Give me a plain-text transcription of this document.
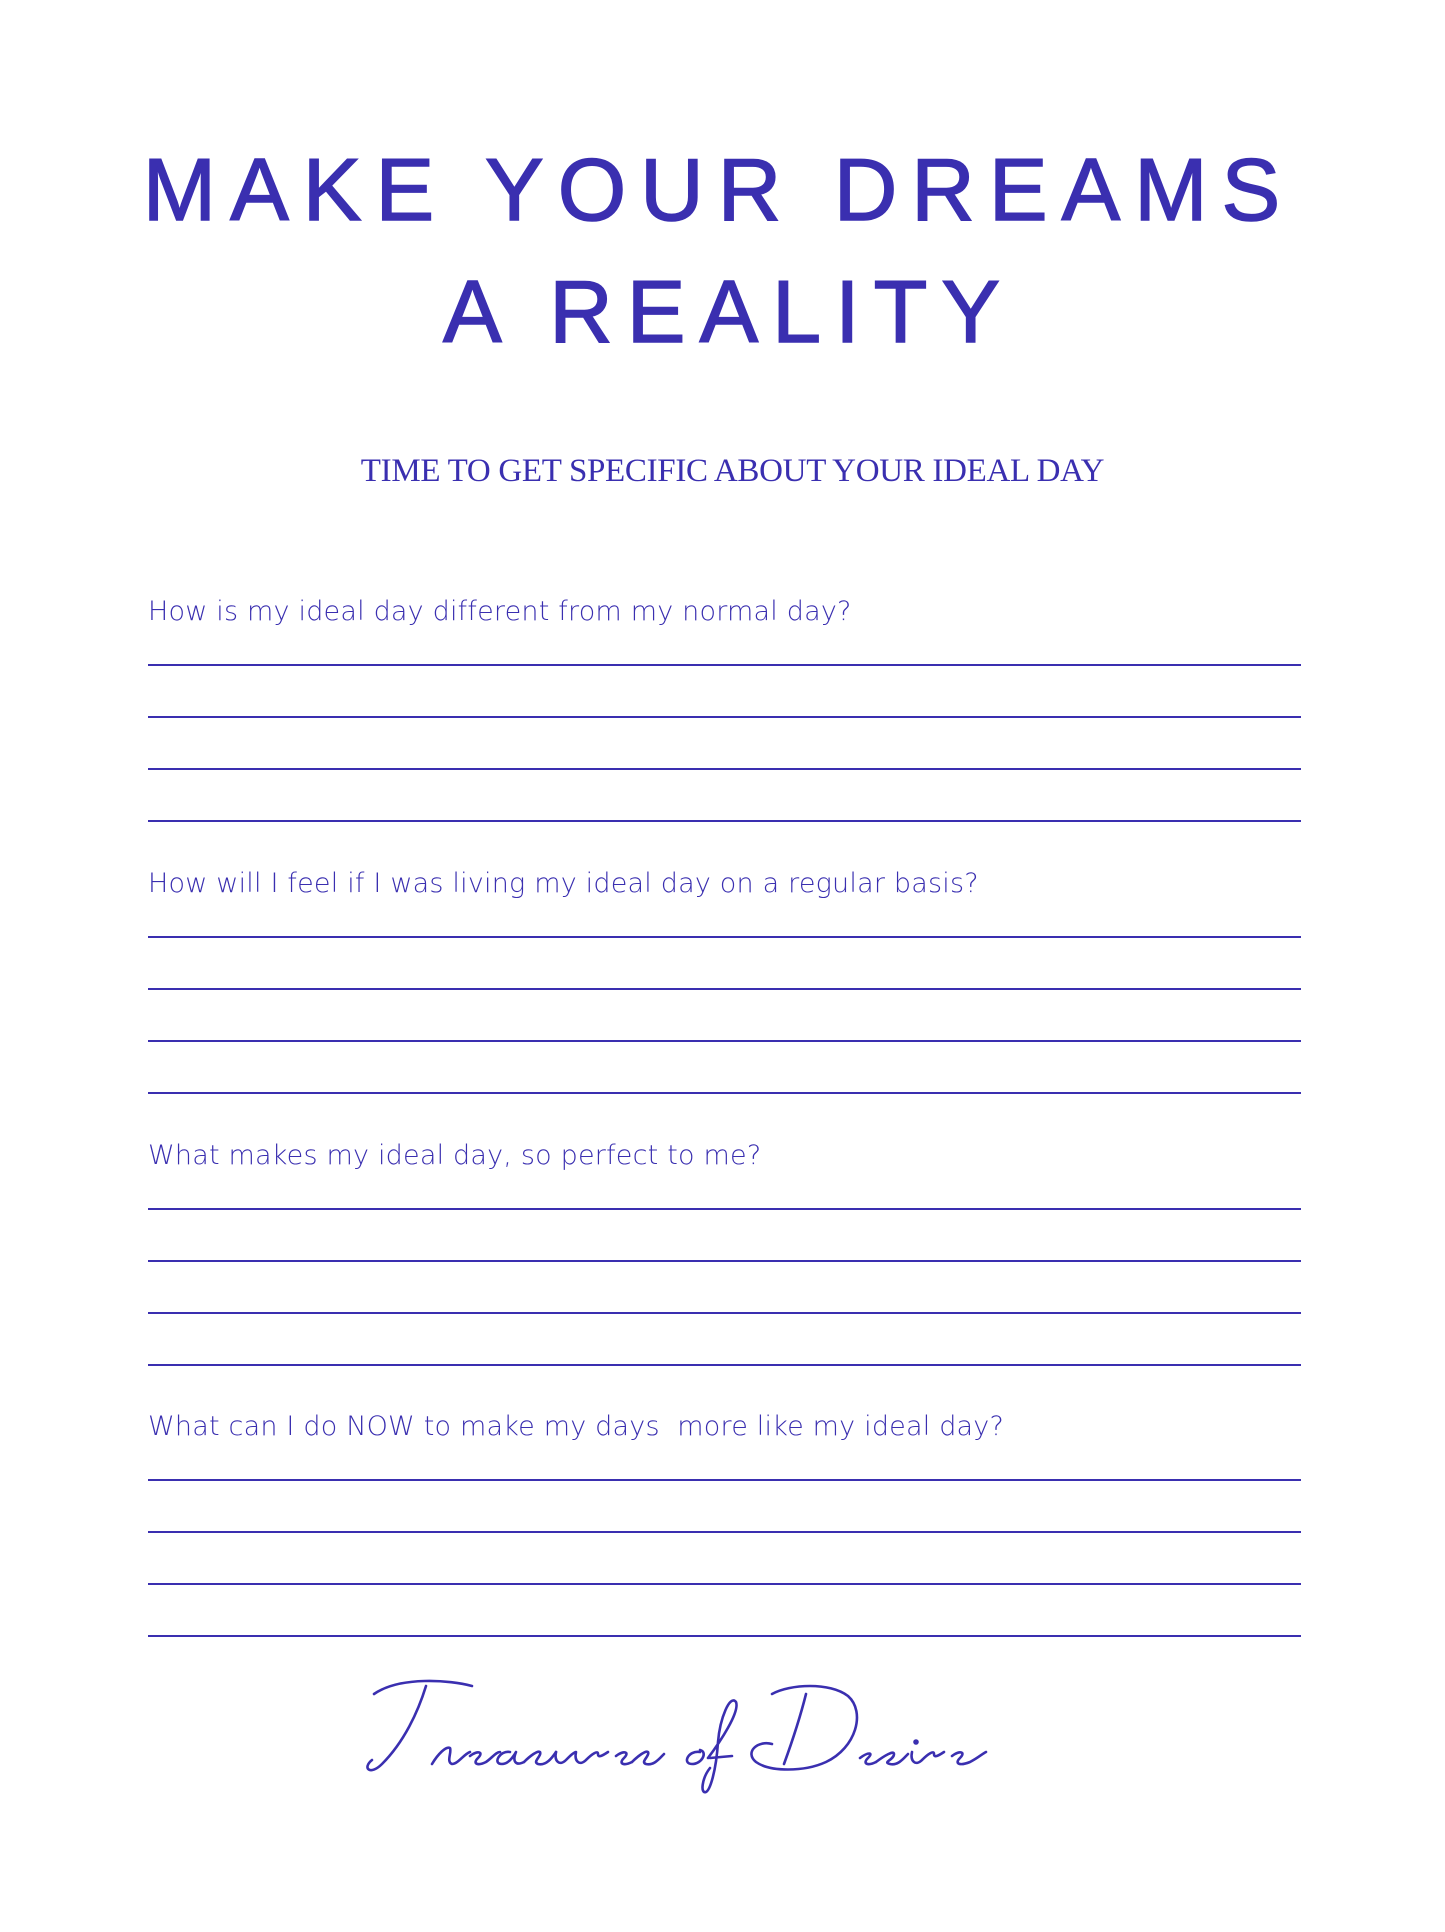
MAKE YOUR DREAMS
A REALITY
TIME TO GET SPECIFIC ABOUT YOUR IDEAL DAY

How is my ideal day different from my normal day?

How will I feel if I was living my ideal day on a regular basis?

What makes my ideal day, so perfect to me?

What can I do NOW to make my days  more like my ideal day?
